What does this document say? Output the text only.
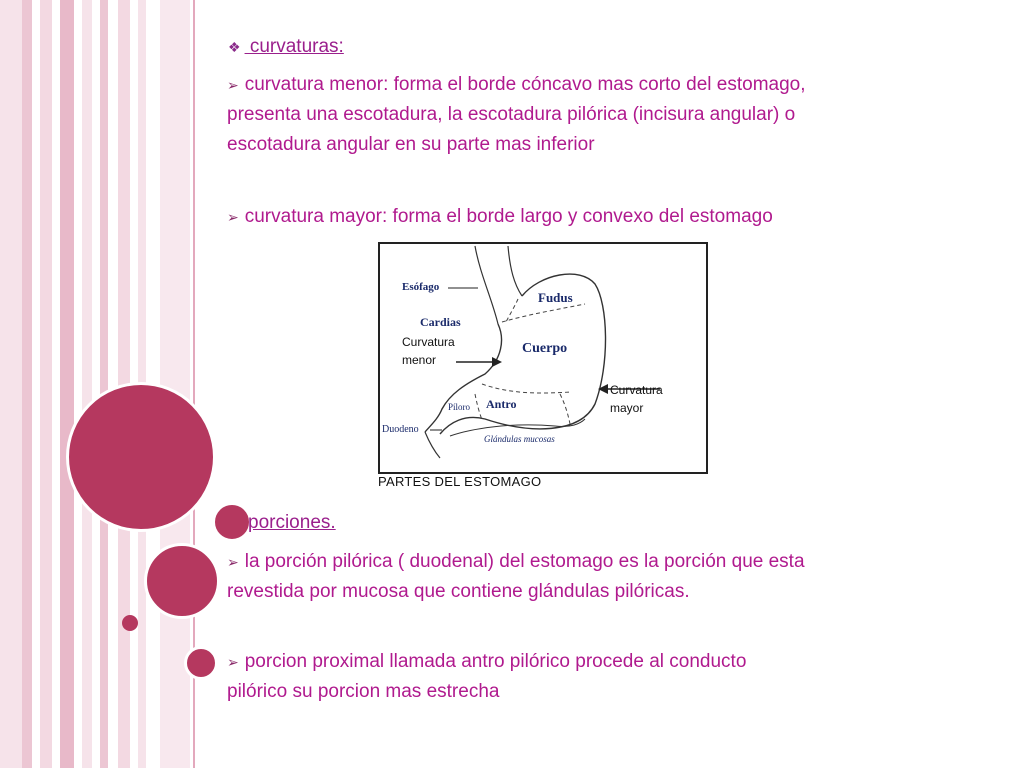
❖ curvaturas:
➢ curvatura menor: forma el borde cóncavo mas corto del estomago, presenta una escotadura, la escotadura pilórica (incisura angular) o escotadura angular en su parte mas inferior
➢ curvatura mayor: forma el borde largo y convexo del estomago
Esófago
Fudus
Cardias
Curvatura
menor
Cuerpo
Curvatura
mayor
Píloro Antro
Duodeno
Glándulas mucosas
PARTES DEL ESTOMAGO
porciones.
➢ la porción pilórica ( duodenal) del estomago es la porción que esta revestida por mucosa que contiene glándulas pilóricas.
➢ porcion proximal llamada antro pilórico procede al conducto pilórico su porcion mas estrecha
